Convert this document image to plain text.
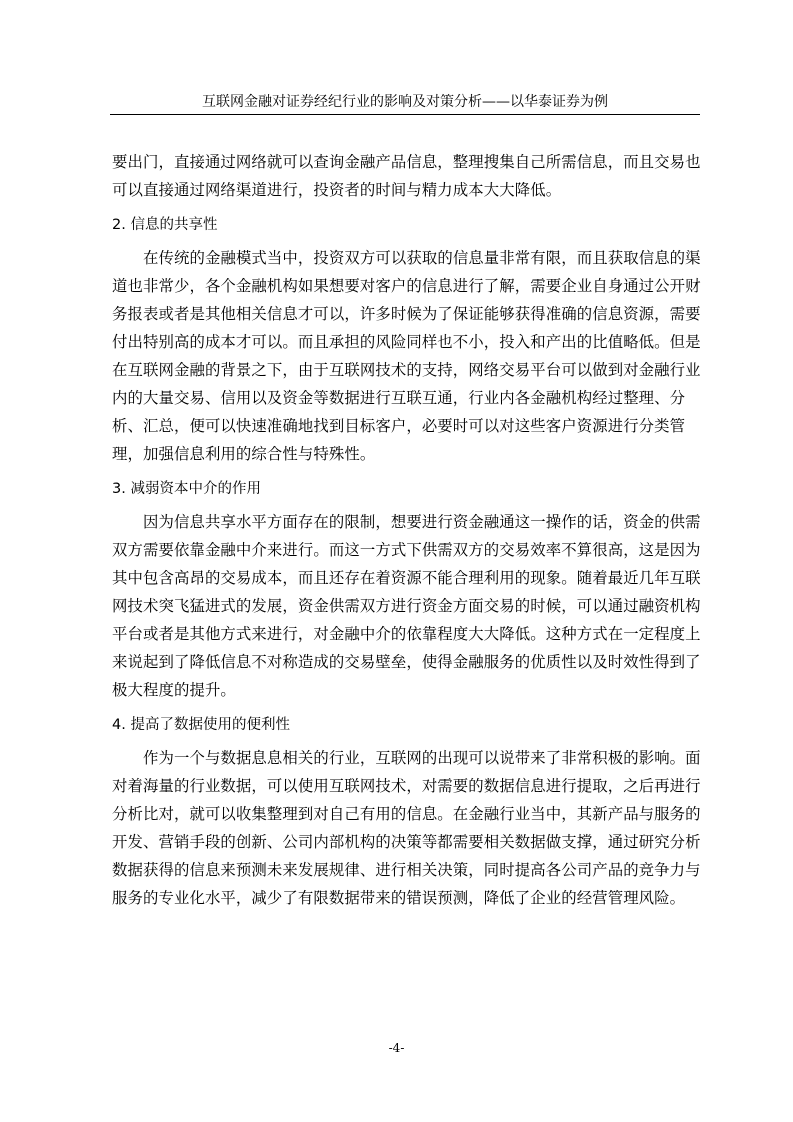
互联网金融对证券经纪行业的影响及对策分析——以华泰证券为例

要出门，直接通过网络就可以查询金融产品信息，整理搜集自己所需信息，而且交易也可以直接通过网络渠道进行，投资者的时间与精力成本大大降低。

2. 信息的共享性

在传统的金融模式当中，投资双方可以获取的信息量非常有限，而且获取信息的渠道也非常少，各个金融机构如果想要对客户的信息进行了解，需要企业自身通过公开财务报表或者是其他相关信息才可以，许多时候为了保证能够获得准确的信息资源，需要付出特别高的成本才可以。而且承担的风险同样也不小，投入和产出的比值略低。但是在互联网金融的背景之下，由于互联网技术的支持，网络交易平台可以做到对金融行业内的大量交易、信用以及资金等数据进行互联互通，行业内各金融机构经过整理、分析、汇总，便可以快速准确地找到目标客户，必要时可以对这些客户资源进行分类管理，加强信息利用的综合性与特殊性。

3. 减弱资本中介的作用

因为信息共享水平方面存在的限制，想要进行资金融通这一操作的话，资金的供需双方需要依靠金融中介来进行。而这一方式下供需双方的交易效率不算很高，这是因为其中包含高昂的交易成本，而且还存在着资源不能合理利用的现象。随着最近几年互联网技术突飞猛进式的发展，资金供需双方进行资金方面交易的时候，可以通过融资机构平台或者是其他方式来进行，对金融中介的依靠程度大大降低。这种方式在一定程度上来说起到了降低信息不对称造成的交易壁垒，使得金融服务的优质性以及时效性得到了极大程度的提升。

4. 提高了数据使用的便利性

作为一个与数据息息相关的行业，互联网的出现可以说带来了非常积极的影响。面对着海量的行业数据，可以使用互联网技术，对需要的数据信息进行提取，之后再进行分析比对，就可以收集整理到对自己有用的信息。在金融行业当中，其新产品与服务的开发、营销手段的创新、公司内部机构的决策等都需要相关数据做支撑，通过研究分析数据获得的信息来预测未来发展规律、进行相关决策，同时提高各公司产品的竞争力与服务的专业化水平，减少了有限数据带来的错误预测，降低了企业的经营管理风险。

-4-
